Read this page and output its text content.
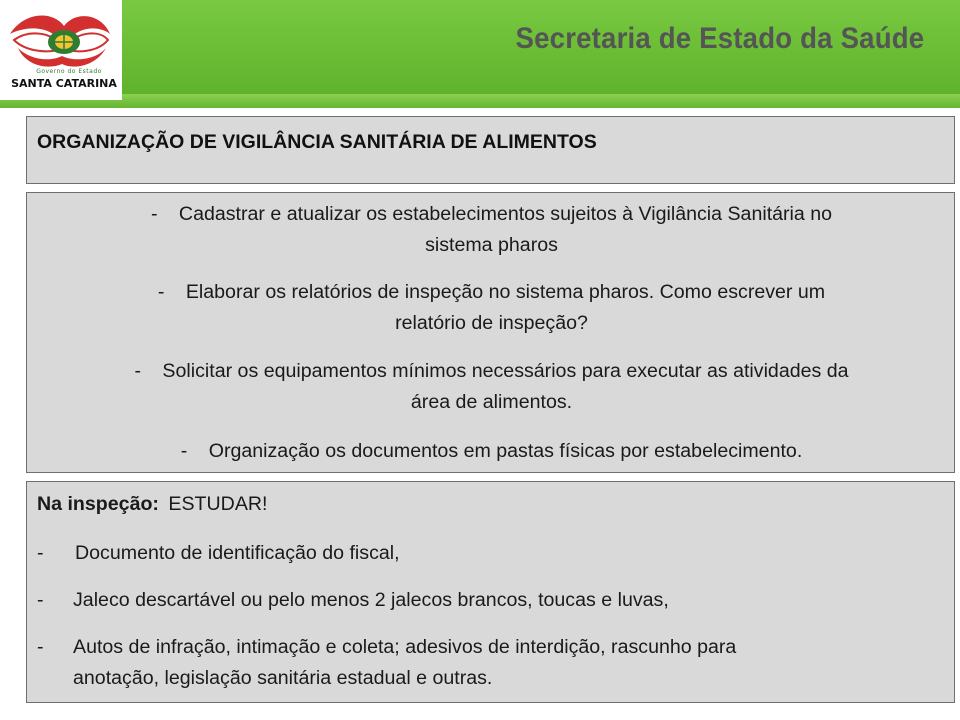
Governo do Estado
SANTA CATARINA
Secretaria de Estado da Saúde
ORGANIZAÇÃO DE VIGILÂNCIA SANITÁRIA DE ALIMENTOS
- Cadastrar e atualizar os estabelecimentos sujeitos à Vigilância Sanitária no
sistema pharos
- Elaborar os relatórios de inspeção no sistema pharos. Como escrever um
relatório de inspeção?
- Solicitar os equipamentos mínimos necessários para executar as atividades da
área de alimentos.
- Organização os documentos em pastas físicas por estabelecimento.
Na inspeção: ESTUDAR!
- Documento de identificação do fiscal,
- Jaleco descartável ou pelo menos 2 jalecos brancos, toucas e luvas,
- Autos de infração, intimação e coleta; adesivos de interdição, rascunho para
anotação, legislação sanitária estadual e outras.
